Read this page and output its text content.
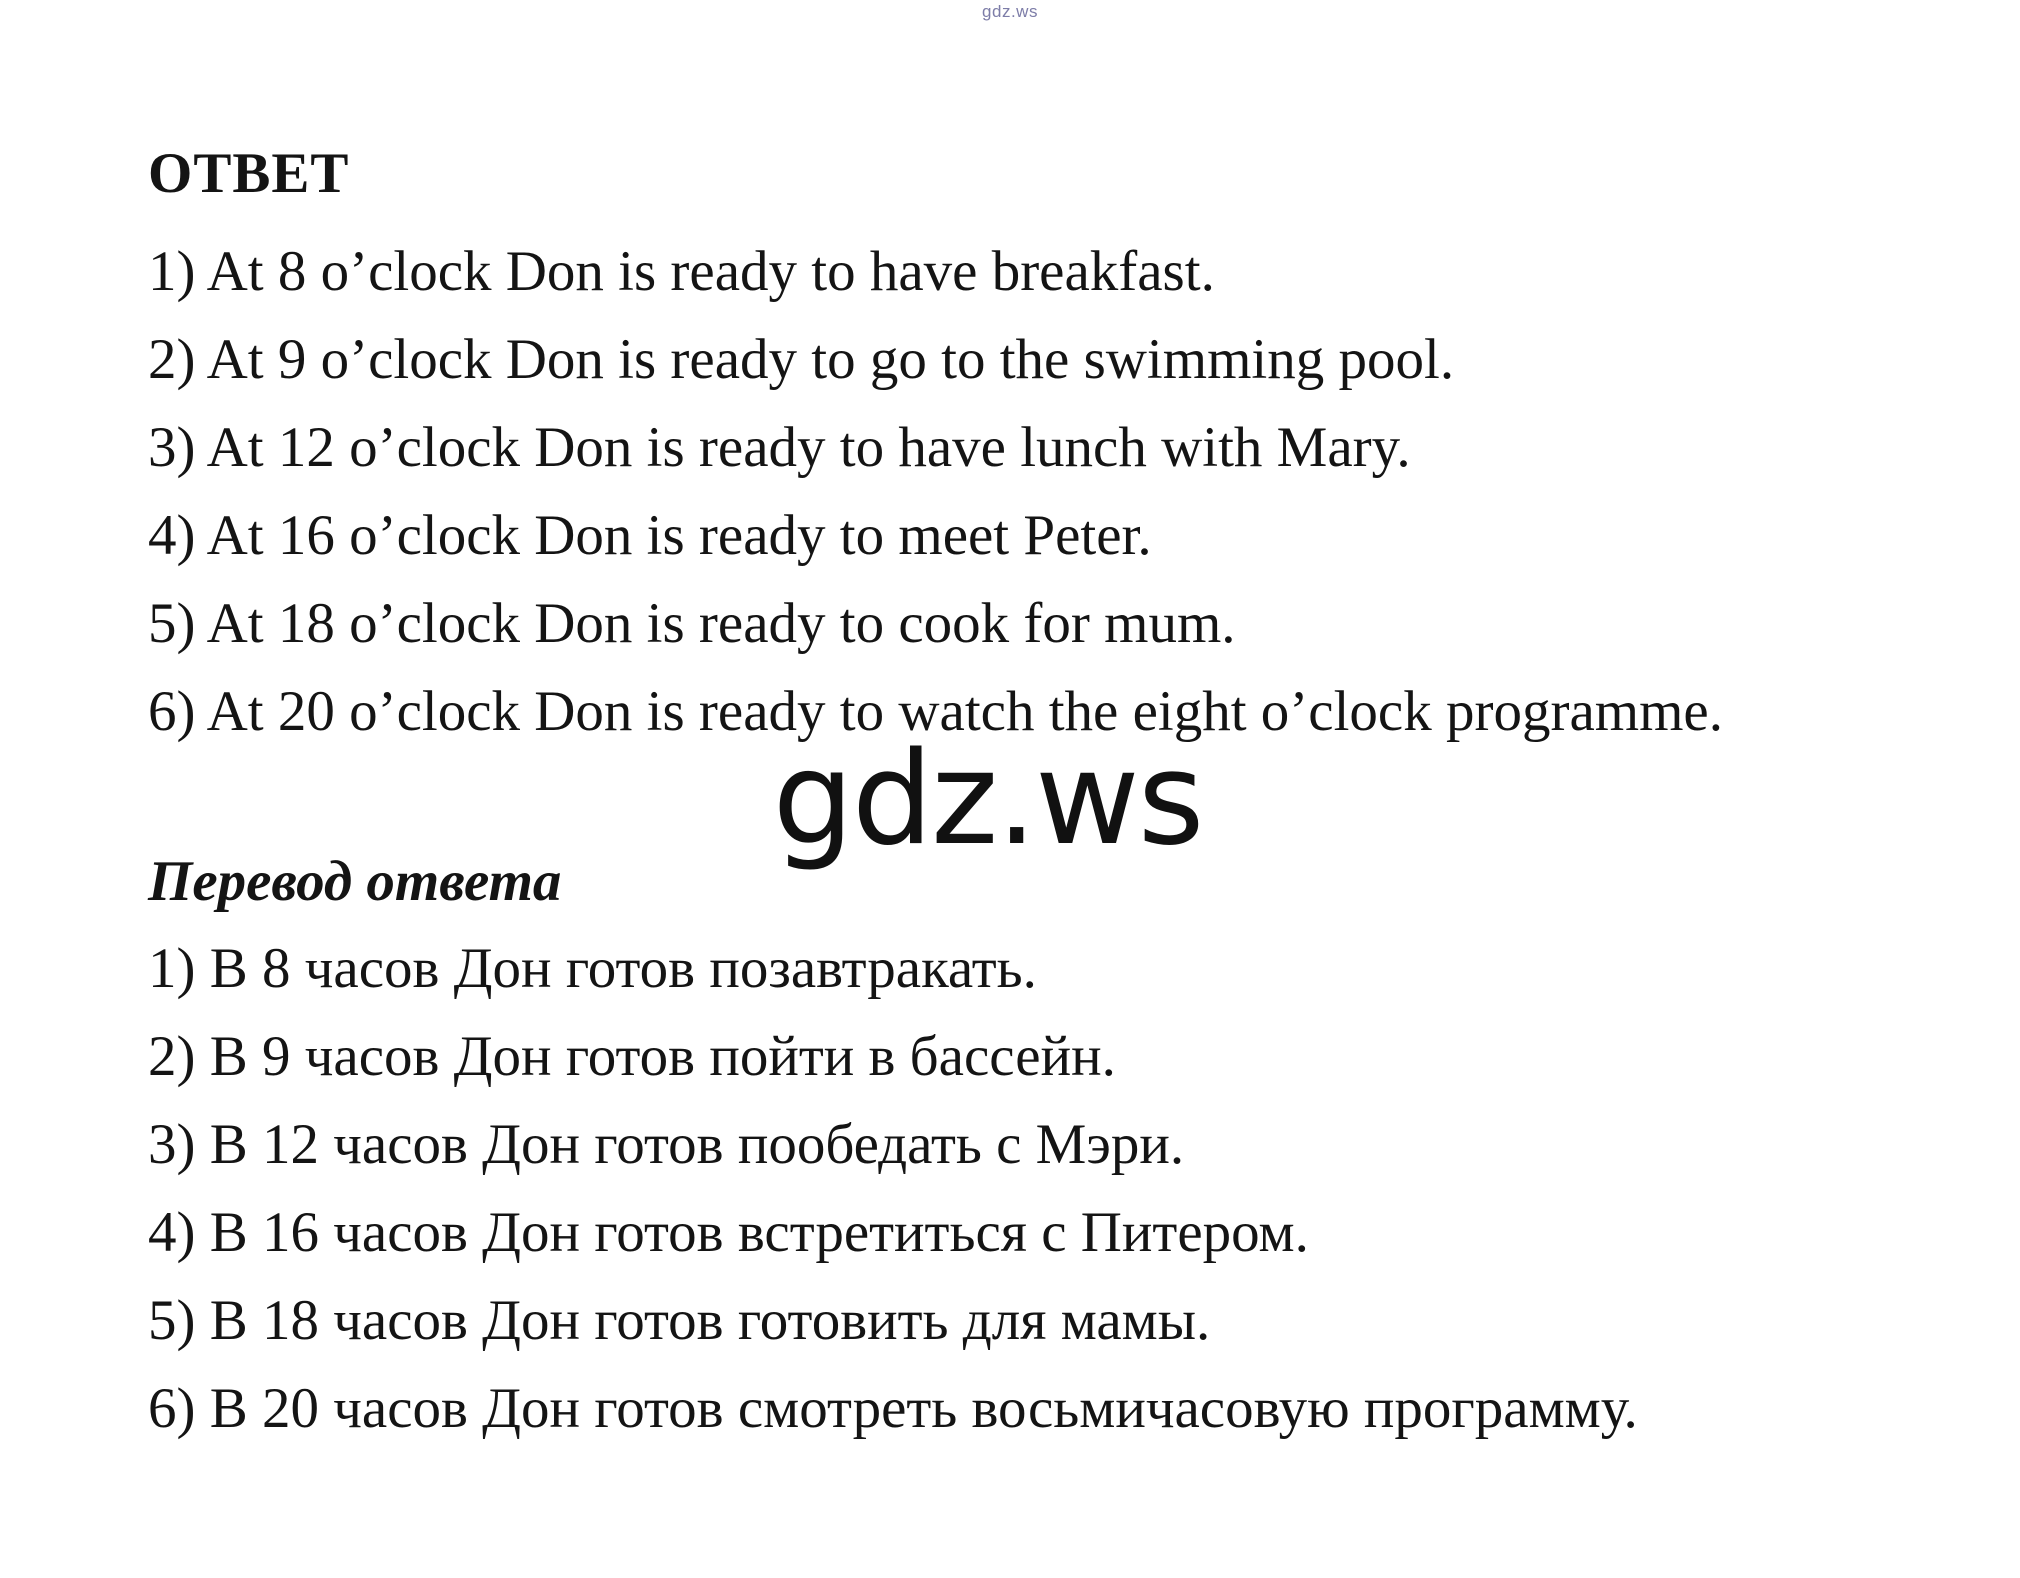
gdz.ws
ОТВЕТ
1) At 8 o’clock Don is ready to have breakfast.
2) At 9 o’clock Don is ready to go to the swimming pool.
3) At 12 o’clock Don is ready to have lunch with Mary.
4) At 16 o’clock Don is ready to meet Peter.
5) At 18 o’clock Don is ready to cook for mum.
6) At 20 o’clock Don is ready to watch the eight o’clock programme.
gdz.ws
Перевод ответа
1) В 8 часов Дон готов позавтракать.
2) В 9 часов Дон готов пойти в бассейн.
3) В 12 часов Дон готов пообедать с Мэри.
4) В 16 часов Дон готов встретиться с Питером.
5) В 18 часов Дон готов готовить для мамы.
6) В 20 часов Дон готов смотреть восьмичасовую программу.
